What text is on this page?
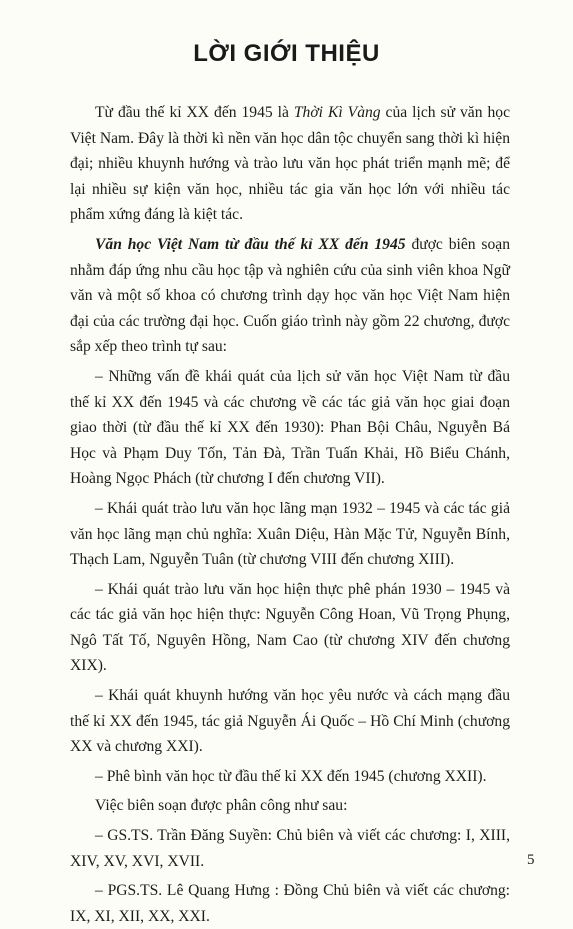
LỜI GIỚI THIỆU

Từ đầu thế kỉ XX đến 1945 là Thời Kì Vàng của lịch sử văn học Việt Nam. Đây là thời kì nền văn học dân tộc chuyển sang thời kì hiện đại; nhiều khuynh hướng và trào lưu văn học phát triển mạnh mẽ; để lại nhiều sự kiện văn học, nhiều tác gia văn học lớn với nhiều tác phẩm xứng đáng là kiệt tác.

Văn học Việt Nam từ đầu thế kỉ XX đến 1945 được biên soạn nhằm đáp ứng nhu cầu học tập và nghiên cứu của sinh viên khoa Ngữ văn và một số khoa có chương trình dạy học văn học Việt Nam hiện đại của các trường đại học. Cuốn giáo trình này gồm 22 chương, được sắp xếp theo trình tự sau:

– Những vấn đề khái quát của lịch sử văn học Việt Nam từ đầu thế kỉ XX đến 1945 và các chương về các tác giả văn học giai đoạn giao thời (từ đầu thế kỉ XX đến 1930): Phan Bội Châu, Nguyễn Bá Học và Phạm Duy Tốn, Tản Đà, Trần Tuấn Khải, Hồ Biểu Chánh, Hoàng Ngọc Phách (từ chương I đến chương VII).

– Khái quát trào lưu văn học lãng mạn 1932 – 1945 và các tác giả văn học lãng mạn chủ nghĩa: Xuân Diệu, Hàn Mặc Tử, Nguyễn Bính, Thạch Lam, Nguyễn Tuân (từ chương VIII đến chương XIII).

– Khái quát trào lưu văn học hiện thực phê phán 1930 – 1945 và các tác giả văn học hiện thực: Nguyễn Công Hoan, Vũ Trọng Phụng, Ngô Tất Tố, Nguyên Hồng, Nam Cao (từ chương XIV đến chương XIX).

– Khái quát khuynh hướng văn học yêu nước và cách mạng đầu thế kỉ XX đến 1945, tác giả Nguyễn Ái Quốc – Hồ Chí Minh (chương XX và chương XXI).

– Phê bình văn học từ đầu thế kỉ XX đến 1945 (chương XXII).

Việc biên soạn được phân công như sau:

– GS.TS. Trần Đăng Suyền: Chủ biên và viết các chương: I, XIII, XIV, XV, XVI, XVII.

– PGS.TS. Lê Quang Hưng : Đồng Chủ biên và viết các chương: IX, XI, XII, XX, XXI.

5
